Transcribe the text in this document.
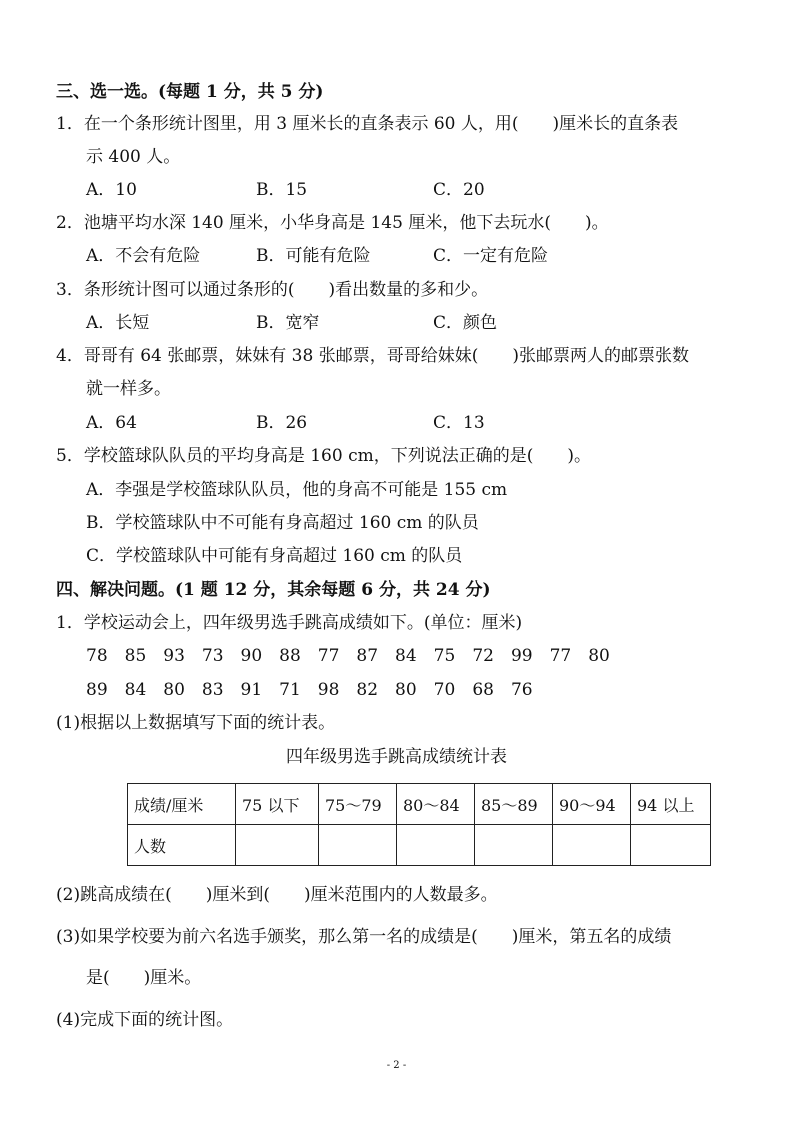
三、选一选。(每题 1 分，共 5 分)
1．在一个条形统计图里，用 3 厘米长的直条表示 60 人，用(　　)厘米长的直条表
示 400 人。
A．10	B．15	C．20
2．池塘平均水深 140 厘米，小华身高是 145 厘米，他下去玩水(　　)。
A．不会有危险	B．可能有危险	C．一定有危险
3．条形统计图可以通过条形的(　　)看出数量的多和少。
A．长短	B．宽窄	C．颜色
4．哥哥有 64 张邮票，妹妹有 38 张邮票，哥哥给妹妹(　　)张邮票两人的邮票张数
就一样多。
A．64	B．26	C．13
5．学校篮球队队员的平均身高是 160 cm，下列说法正确的是(　　)。
A．李强是学校篮球队队员，他的身高不可能是 155 cm
B．学校篮球队中不可能有身高超过 160 cm 的队员
C．学校篮球队中可能有身高超过 160 cm 的队员
四、解决问题。(1 题 12 分，其余每题 6 分，共 24 分)
1．学校运动会上，四年级男选手跳高成绩如下。(单位：厘米)
78　85　93　73　90　88　77　87　84　75　72　99　77　80
89　84　80　83　91　71　98　82　80　70　68　76
(1)根据以上数据填写下面的统计表。
四年级男选手跳高成绩统计表
成绩/厘米	75 以下	75～79	80～84	85～89	90～94	94 以上
人数						
(2)跳高成绩在(　　)厘米到(　　)厘米范围内的人数最多。
(3)如果学校要为前六名选手颁奖，那么第一名的成绩是(　　)厘米，第五名的成绩
是(　　)厘米。
(4)完成下面的统计图。
- 2 -
